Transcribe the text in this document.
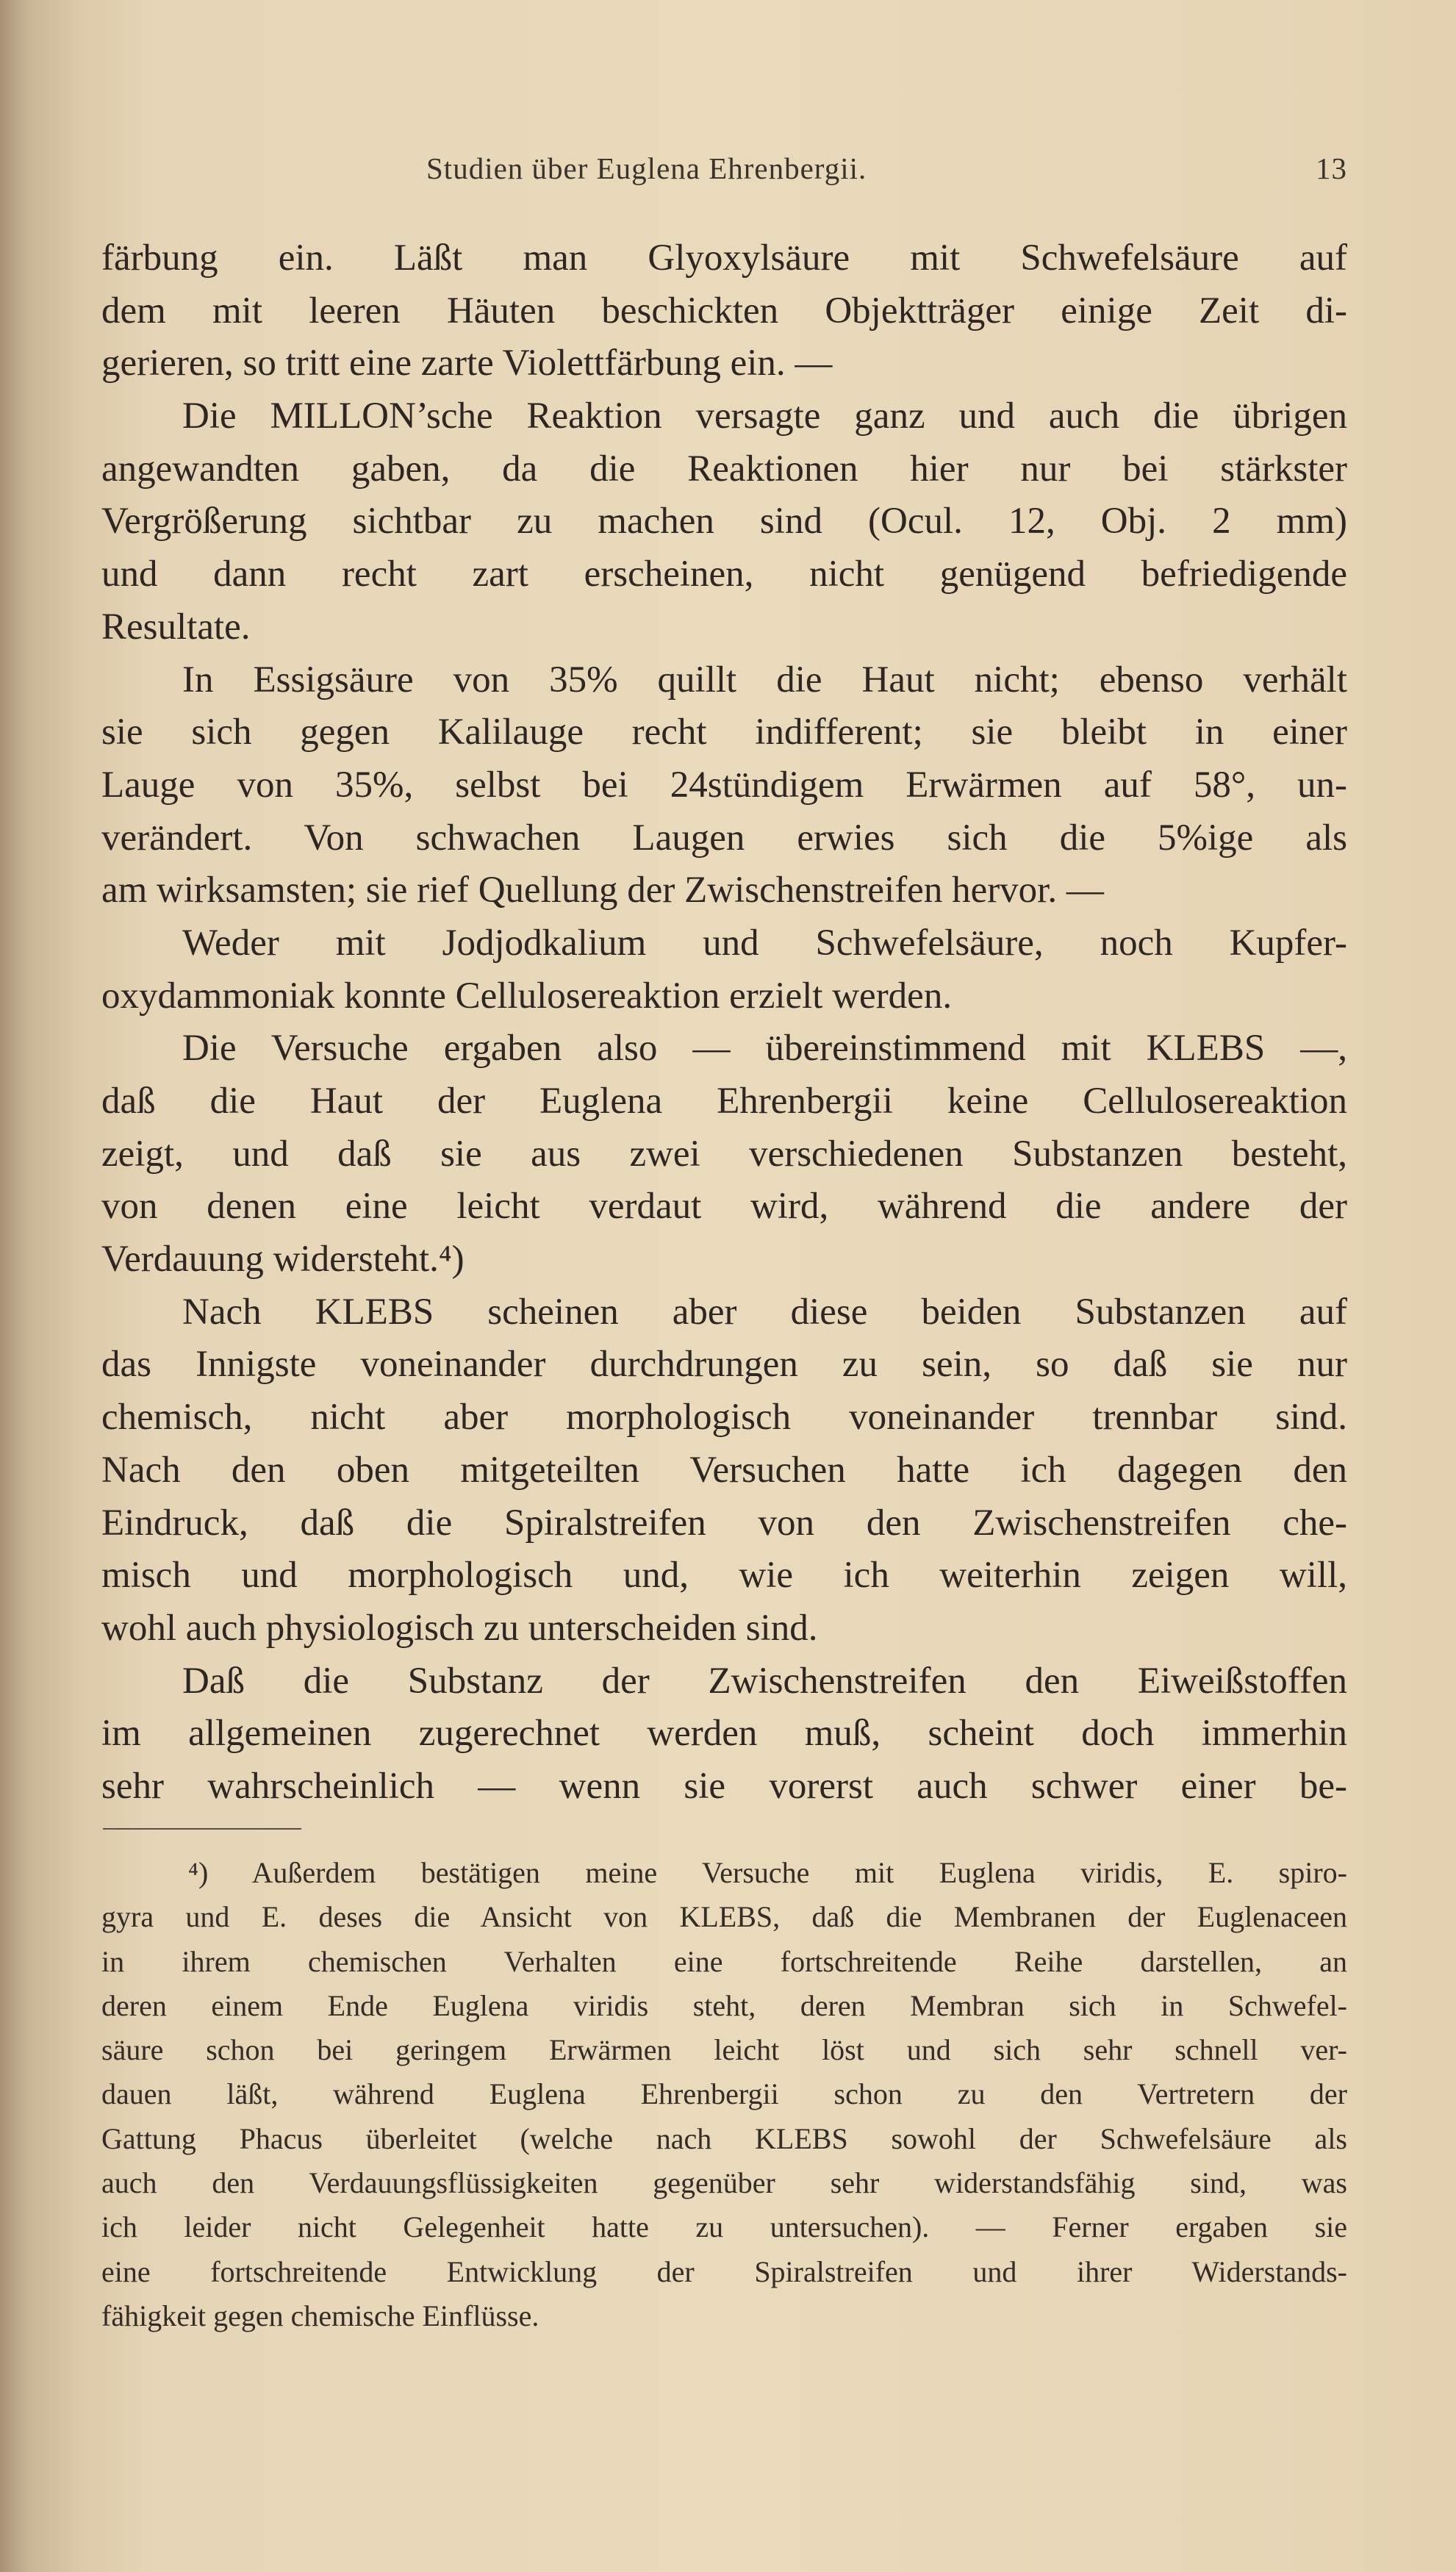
Studien über Euglena Ehrenbergii.	13
färbung ein. Läßt man Glyoxylsäure mit Schwefelsäure auf
dem mit leeren Häuten beschickten Objektträger einige Zeit di-
gerieren, so tritt eine zarte Violettfärbung ein. —
Die MILLON’sche Reaktion versagte ganz und auch die übrigen
angewandten gaben, da die Reaktionen hier nur bei stärkster
Vergrößerung sichtbar zu machen sind (Ocul. 12, Obj. 2 mm)
und dann recht zart erscheinen, nicht genügend befriedigende
Resultate.
In Essigsäure von 35% quillt die Haut nicht; ebenso verhält
sie sich gegen Kalilauge recht indifferent; sie bleibt in einer
Lauge von 35%, selbst bei 24stündigem Erwärmen auf 58°, un-
verändert. Von schwachen Laugen erwies sich die 5%ige als
am wirksamsten; sie rief Quellung der Zwischenstreifen hervor. —
Weder mit Jodjodkalium und Schwefelsäure, noch Kupfer-
oxydammoniak konnte Cellulosereaktion erzielt werden.
Die Versuche ergaben also — übereinstimmend mit KLEBS —,
daß die Haut der Euglena Ehrenbergii keine Cellulosereaktion
zeigt, und daß sie aus zwei verschiedenen Substanzen besteht,
von denen eine leicht verdaut wird, während die andere der
Verdauung widersteht.⁴)
Nach KLEBS scheinen aber diese beiden Substanzen auf
das Innigste voneinander durchdrungen zu sein, so daß sie nur
chemisch, nicht aber morphologisch voneinander trennbar sind.
Nach den oben mitgeteilten Versuchen hatte ich dagegen den
Eindruck, daß die Spiralstreifen von den Zwischenstreifen che-
misch und morphologisch und, wie ich weiterhin zeigen will,
wohl auch physiologisch zu unterscheiden sind.
Daß die Substanz der Zwischenstreifen den Eiweißstoffen
im allgemeinen zugerechnet werden muß, scheint doch immerhin
sehr wahrscheinlich — wenn sie vorerst auch schwer einer be-
⁴) Außerdem bestätigen meine Versuche mit Euglena viridis, E. spiro-
gyra und E. deses die Ansicht von KLEBS, daß die Membranen der Euglenaceen
in ihrem chemischen Verhalten eine fortschreitende Reihe darstellen, an
deren einem Ende Euglena viridis steht, deren Membran sich in Schwefel-
säure schon bei geringem Erwärmen leicht löst und sich sehr schnell ver-
dauen läßt, während Euglena Ehrenbergii schon zu den Vertretern der
Gattung Phacus überleitet (welche nach KLEBS sowohl der Schwefelsäure als
auch den Verdauungsflüssigkeiten gegenüber sehr widerstandsfähig sind, was
ich leider nicht Gelegenheit hatte zu untersuchen). — Ferner ergaben sie
eine fortschreitende Entwicklung der Spiralstreifen und ihrer Widerstands-
fähigkeit gegen chemische Einflüsse.
